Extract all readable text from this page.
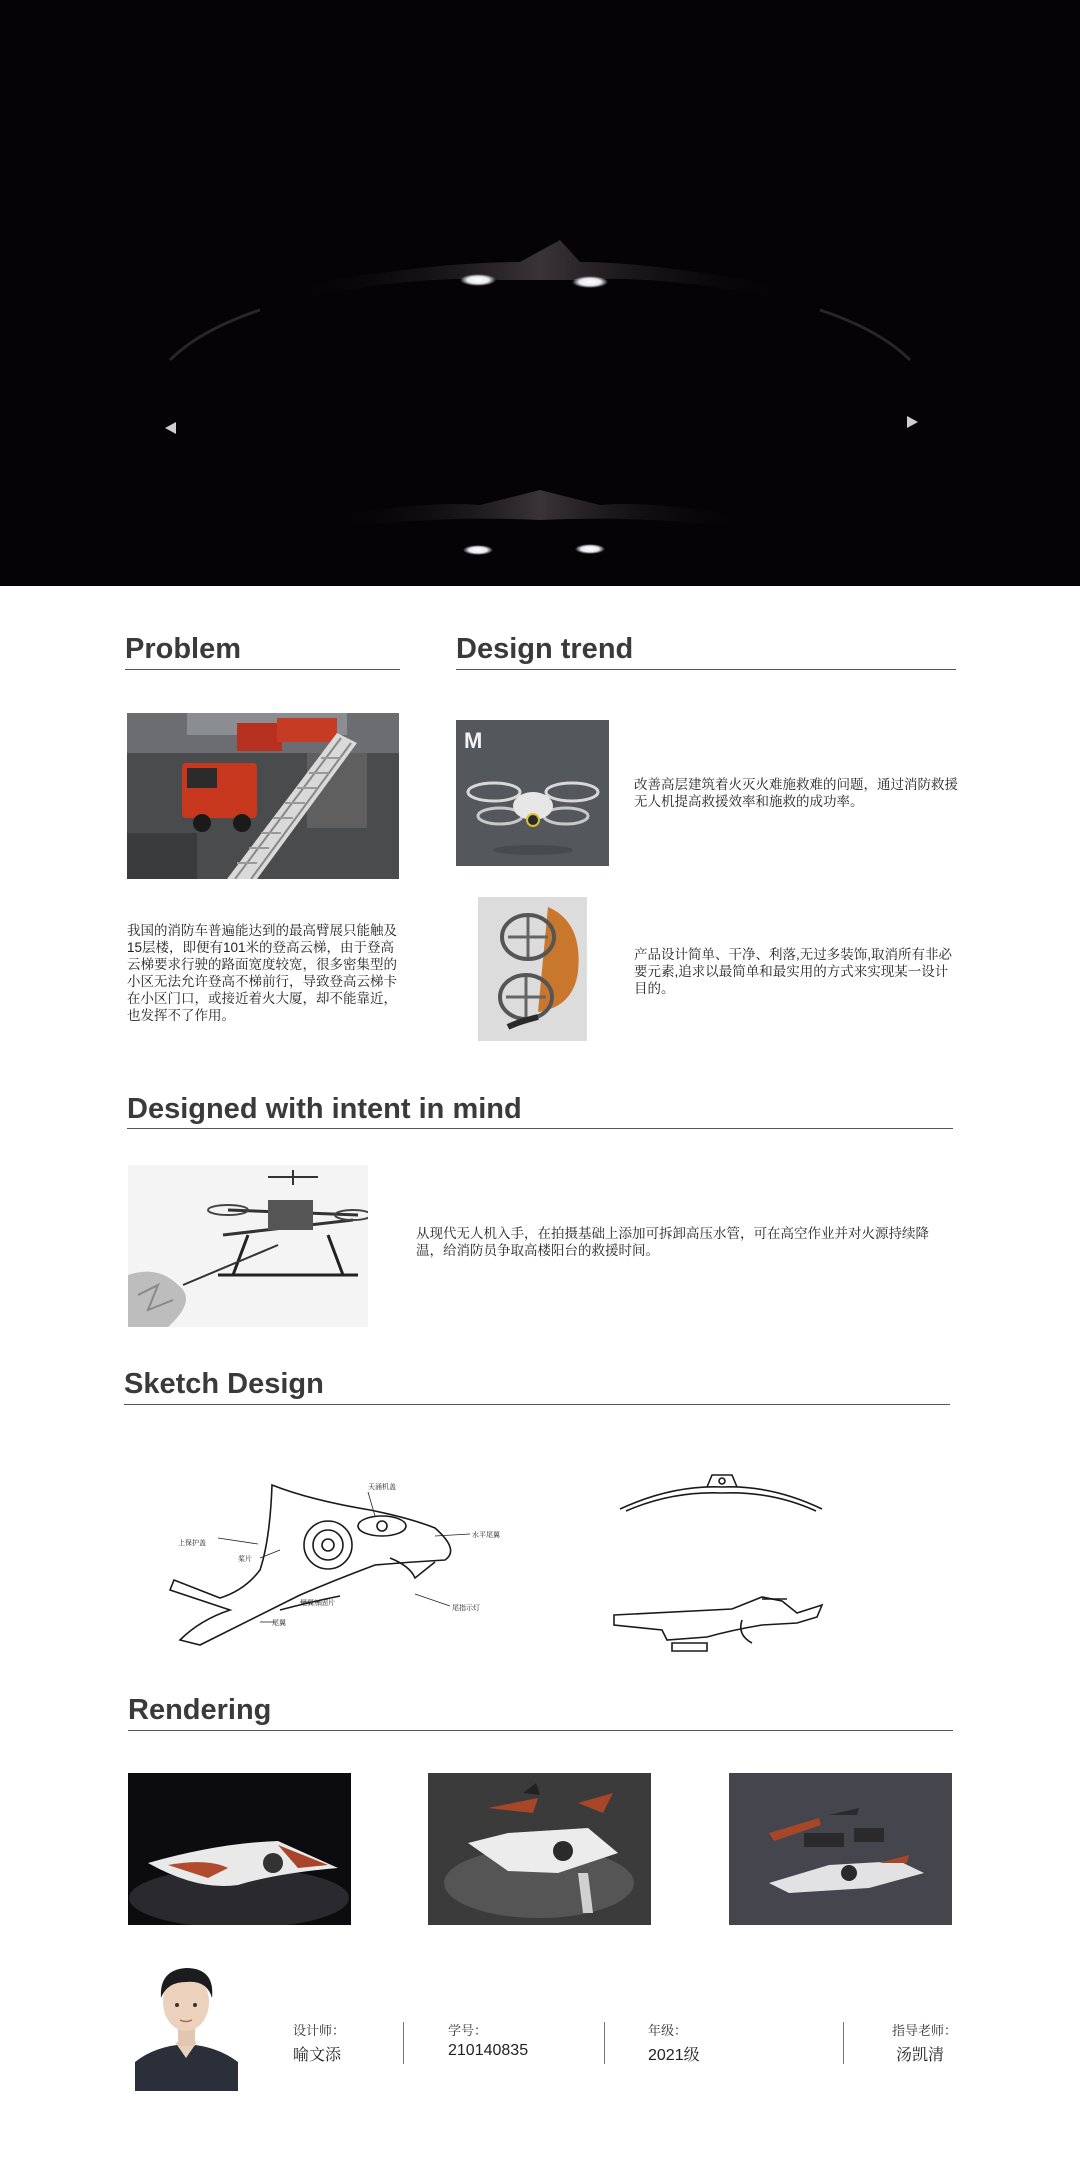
Problem

我国的消防车普遍能达到的最高臂展只能触及15层楼，即便有101米的登高云梯，由于登高云梯要求行驶的路面宽度较宽，很多密集型的小区无法允许登高不梯前行，导致登高云梯卡在小区门口，或接近着火大厦，却不能靠近，也发挥不了作用。

Design trend
M

改善高层建筑着火灭火难施救难的问题，通过消防救援无人机提高救援效率和施救的成功率。

产品设计简单、干净、利落,无过多装饰,取消所有非必要元素,追求以最简单和最实用的方式来实现某一设计目的。

Designed with intent in mind

从现代无人机入手，在拍摄基础上添加可拆卸高压水管，可在高空作业并对火源持续降温，给消防员争取高楼阳台的救援时间。

Sketch Design
天涌机盖
上保护盖
桨片
水平尾翼
尾翼加固片
尾翼
尾指示灯
Rendering
设计师：
喻文添
学号：
210140835
年级：
2021级
指导老师：
汤凯清
